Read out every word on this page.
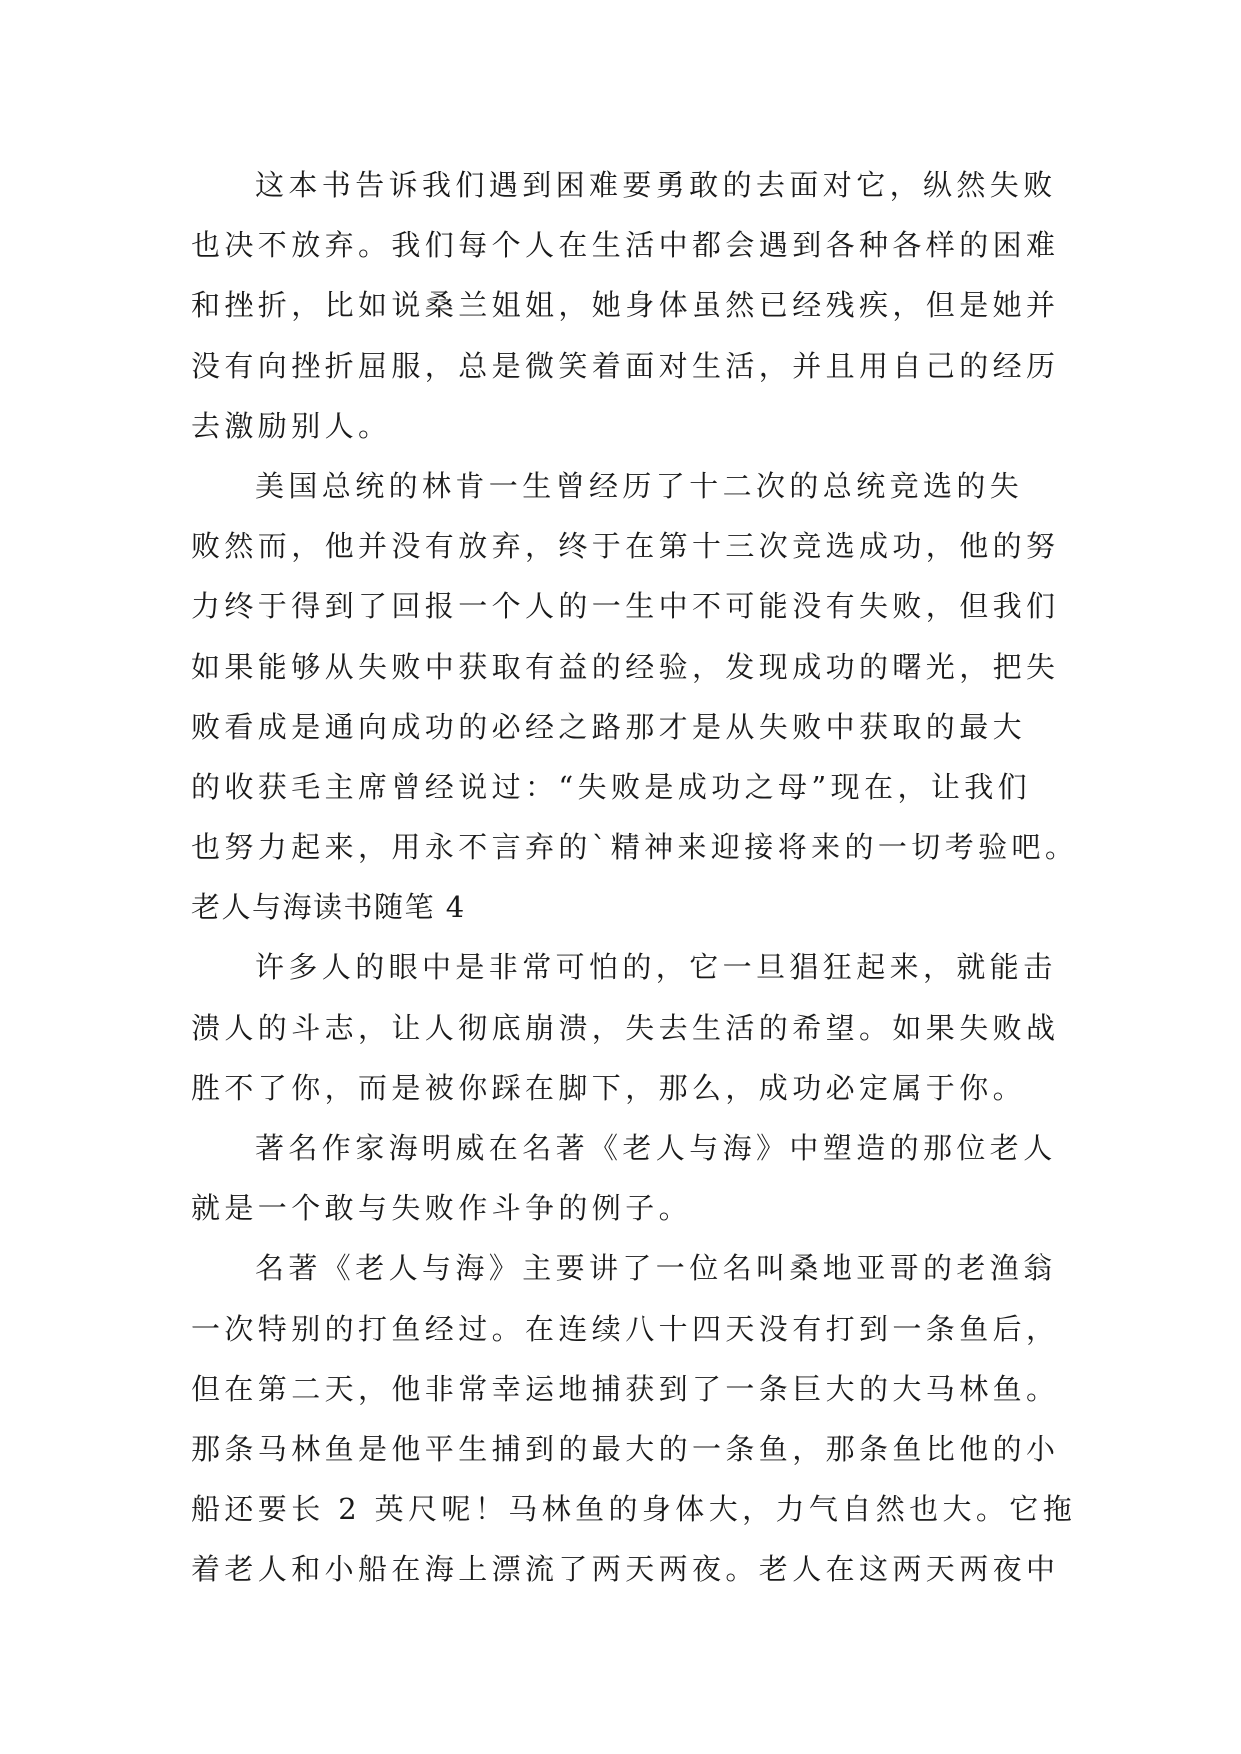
这本书告诉我们遇到困难要勇敢的去面对它，纵然失败
也决不放弃。我们每个人在生活中都会遇到各种各样的困难
和挫折，比如说桑兰姐姐，她身体虽然已经残疾，但是她并
没有向挫折屈服，总是微笑着面对生活，并且用自己的经历
去激励别人。
美国总统的林肯一生曾经历了十二次的总统竞选的失
败然而，他并没有放弃，终于在第十三次竞选成功，他的努
力终于得到了回报一个人的一生中不可能没有失败，但我们
如果能够从失败中获取有益的经验，发现成功的曙光，把失
败看成是通向成功的必经之路那才是从失败中获取的最大
的收获毛主席曾经说过：“失败是成功之母”现在，让我们
也努力起来，用永不言弃的`精神来迎接将来的一切考验吧。
老人与海读书随笔 4
许多人的眼中是非常可怕的，它一旦猖狂起来，就能击
溃人的斗志，让人彻底崩溃，失去生活的希望。如果失败战
胜不了你，而是被你踩在脚下，那么，成功必定属于你。
著名作家海明威在名著《老人与海》中塑造的那位老人
就是一个敢与失败作斗争的例子。
名著《老人与海》主要讲了一位名叫桑地亚哥的老渔翁
一次特别的打鱼经过。在连续八十四天没有打到一条鱼后，
但在第二天，他非常幸运地捕获到了一条巨大的大马林鱼。
那条马林鱼是他平生捕到的最大的一条鱼，那条鱼比他的小
船还要长 2 英尺呢！马林鱼的身体大，力气自然也大。它拖
着老人和小船在海上漂流了两天两夜。老人在这两天两夜中
